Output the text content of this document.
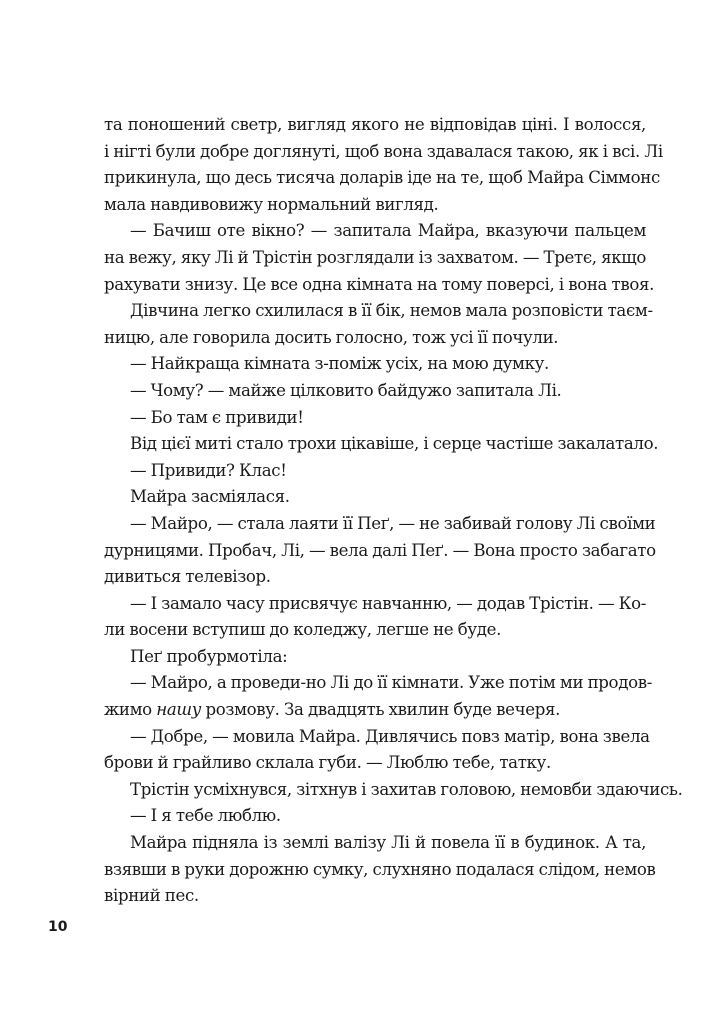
та поношений светр, вигляд якого не відповідав ціні. І волосся,
і нігті були добре доглянуті, щоб вона здавалася такою, як і всі. Лі
прикинула, що десь тисяча доларів іде на те, щоб Майра Сіммонс
мала навдивовижу нормальний вигляд.
— Бачиш оте вікно? — запитала Майра, вказуючи пальцем
на вежу, яку Лі й Трістін розглядали із захватом. — Третє, якщо
рахувати знизу. Це все одна кімната на тому поверсі, і вона твоя.
Дівчина легко схилилася в її бік, немов мала розповісти таєм-
ницю, але говорила досить голосно, тож усі її почули.
— Найкраща кімната з-поміж усіх, на мою думку.
— Чому? — майже цілковито байдужо запитала Лі.
— Бо там є привиди!
Від цієї миті стало трохи цікавіше, і серце частіше закалатало.
— Привиди? Клас!
Майра засміялася.
— Майро, — стала лаяти її Пеґ, — не забивай голову Лі своїми
дурницями. Пробач, Лі, — вела далі Пеґ. — Вона просто забагато
дивиться телевізор.
— І замало часу присвячує навчанню, — додав Трістін. — Ко-
ли восени вступиш до коледжу, легше не буде.
Пеґ пробурмотіла:
— Майро, а проведи-но Лі до її кімнати. Уже потім ми продов-
жимо нашу розмову. За двадцять хвилин буде вечеря.
— Добре, — мовила Майра. Дивлячись повз матір, вона звела
брови й грайливо склала губи. — Люблю тебе, татку.
Трістін усміхнувся, зітхнув і захитав головою, немовби здаючись.
— І я тебе люблю.
Майра підняла із землі валізу Лі й повела її в будинок. А та,
взявши в руки дорожню сумку, слухняно подалася слідом, немов
вірний пес.
10
